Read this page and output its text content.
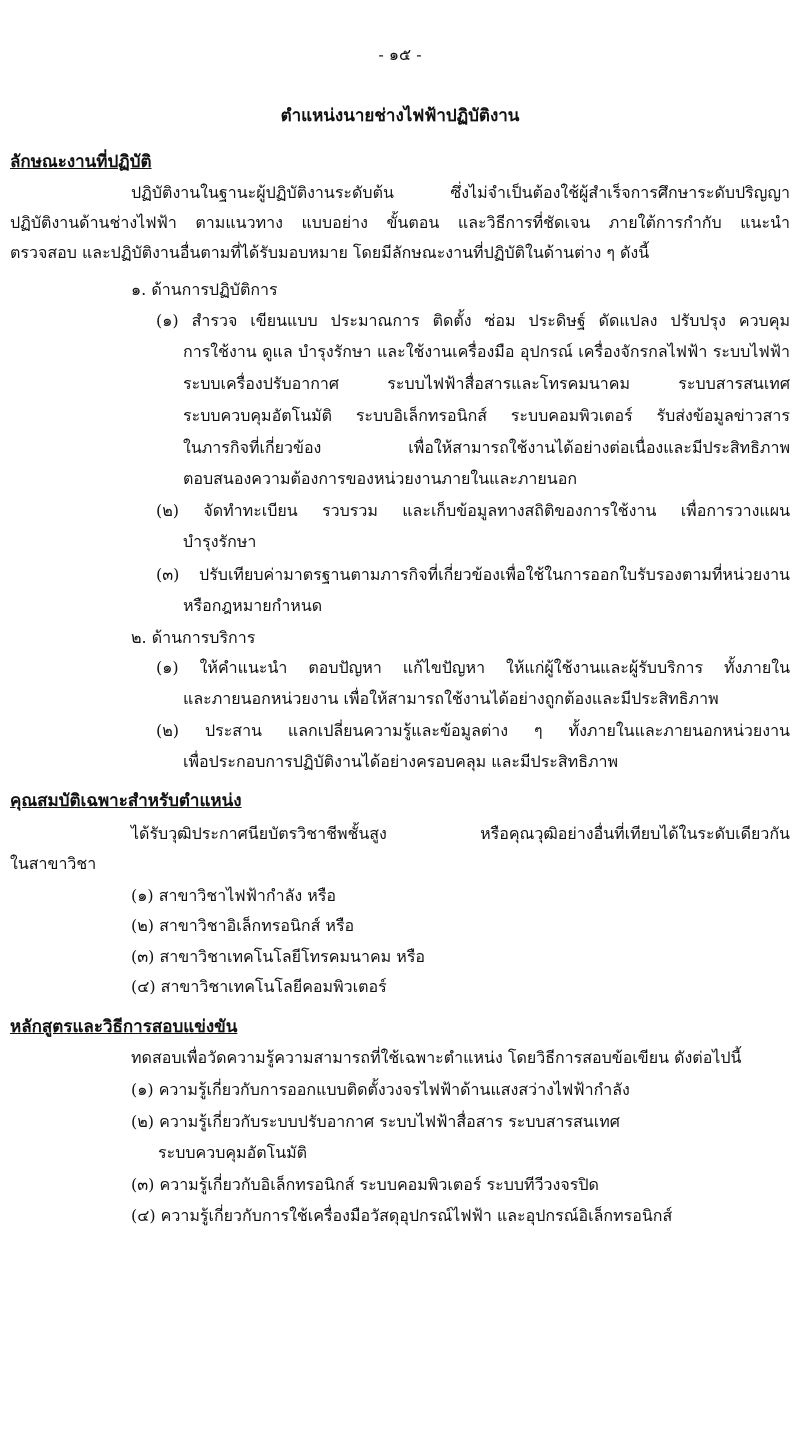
- ๑๕ -
ตำแหน่งนายช่างไฟฟ้าปฏิบัติงาน
ลักษณะงานที่ปฏิบัติ
ปฏิบัติงานในฐานะผู้ปฏิบัติงานระดับต้น ซึ่งไม่จำเป็นต้องใช้ผู้สำเร็จการศึกษาระดับปริญญา
ปฏิบัติงานด้านช่างไฟฟ้า ตามแนวทาง แบบอย่าง ขั้นตอน และวิธีการที่ชัดเจน ภายใต้การกำกับ แนะนำ
ตรวจสอบ และปฏิบัติงานอื่นตามที่ได้รับมอบหมาย โดยมีลักษณะงานที่ปฏิบัติในด้านต่าง ๆ ดังนี้
๑. ด้านการปฏิบัติการ
(๑) สำรวจ เขียนแบบ ประมาณการ ติดตั้ง ซ่อม ประดิษฐ์ ดัดแปลง ปรับปรุง ควบคุม
การใช้งาน ดูแล บำรุงรักษา และใช้งานเครื่องมือ อุปกรณ์ เครื่องจักรกลไฟฟ้า ระบบไฟฟ้า
ระบบเครื่องปรับอากาศ ระบบไฟฟ้าสื่อสารและโทรคมนาคม ระบบสารสนเทศ
ระบบควบคุมอัตโนมัติ ระบบอิเล็กทรอนิกส์ ระบบคอมพิวเตอร์ รับส่งข้อมูลข่าวสาร
ในภารกิจที่เกี่ยวข้อง เพื่อให้สามารถใช้งานได้อย่างต่อเนื่องและมีประสิทธิภาพ
ตอบสนองความต้องการของหน่วยงานภายในและภายนอก
(๒) จัดทำทะเบียน รวบรวม และเก็บข้อมูลทางสถิติของการใช้งาน เพื่อการวางแผน
บำรุงรักษา
(๓) ปรับเทียบค่ามาตรฐานตามภารกิจที่เกี่ยวข้องเพื่อใช้ในการออกใบรับรองตามที่หน่วยงาน
หรือกฎหมายกำหนด
๒. ด้านการบริการ
(๑) ให้คำแนะนำ ตอบปัญหา แก้ไขปัญหา ให้แก่ผู้ใช้งานและผู้รับบริการ ทั้งภายใน
และภายนอกหน่วยงาน เพื่อให้สามารถใช้งานได้อย่างถูกต้องและมีประสิทธิภาพ
(๒) ประสาน แลกเปลี่ยนความรู้และข้อมูลต่าง ๆ ทั้งภายในและภายนอกหน่วยงาน
เพื่อประกอบการปฏิบัติงานได้อย่างครอบคลุม และมีประสิทธิภาพ
คุณสมบัติเฉพาะสำหรับตำแหน่ง
ได้รับวุฒิประกาศนียบัตรวิชาชีพชั้นสูง หรือคุณวุฒิอย่างอื่นที่เทียบได้ในระดับเดียวกัน
ในสาขาวิชา
(๑) สาขาวิชาไฟฟ้ากำลัง หรือ
(๒) สาขาวิชาอิเล็กทรอนิกส์ หรือ
(๓) สาขาวิชาเทคโนโลยีโทรคมนาคม หรือ
(๔) สาขาวิชาเทคโนโลยีคอมพิวเตอร์
หลักสูตรและวิธีการสอบแข่งขัน
ทดสอบเพื่อวัดความรู้ความสามารถที่ใช้เฉพาะตำแหน่ง โดยวิธีการสอบข้อเขียน ดังต่อไปนี้
(๑) ความรู้เกี่ยวกับการออกแบบติดตั้งวงจรไฟฟ้าด้านแสงสว่างไฟฟ้ากำลัง
(๒) ความรู้เกี่ยวกับระบบปรับอากาศ ระบบไฟฟ้าสื่อสาร ระบบสารสนเทศ
ระบบควบคุมอัตโนมัติ
(๓) ความรู้เกี่ยวกับอิเล็กทรอนิกส์ ระบบคอมพิวเตอร์ ระบบทีวีวงจรปิด
(๔) ความรู้เกี่ยวกับการใช้เครื่องมือวัสดุอุปกรณ์ไฟฟ้า และอุปกรณ์อิเล็กทรอนิกส์
